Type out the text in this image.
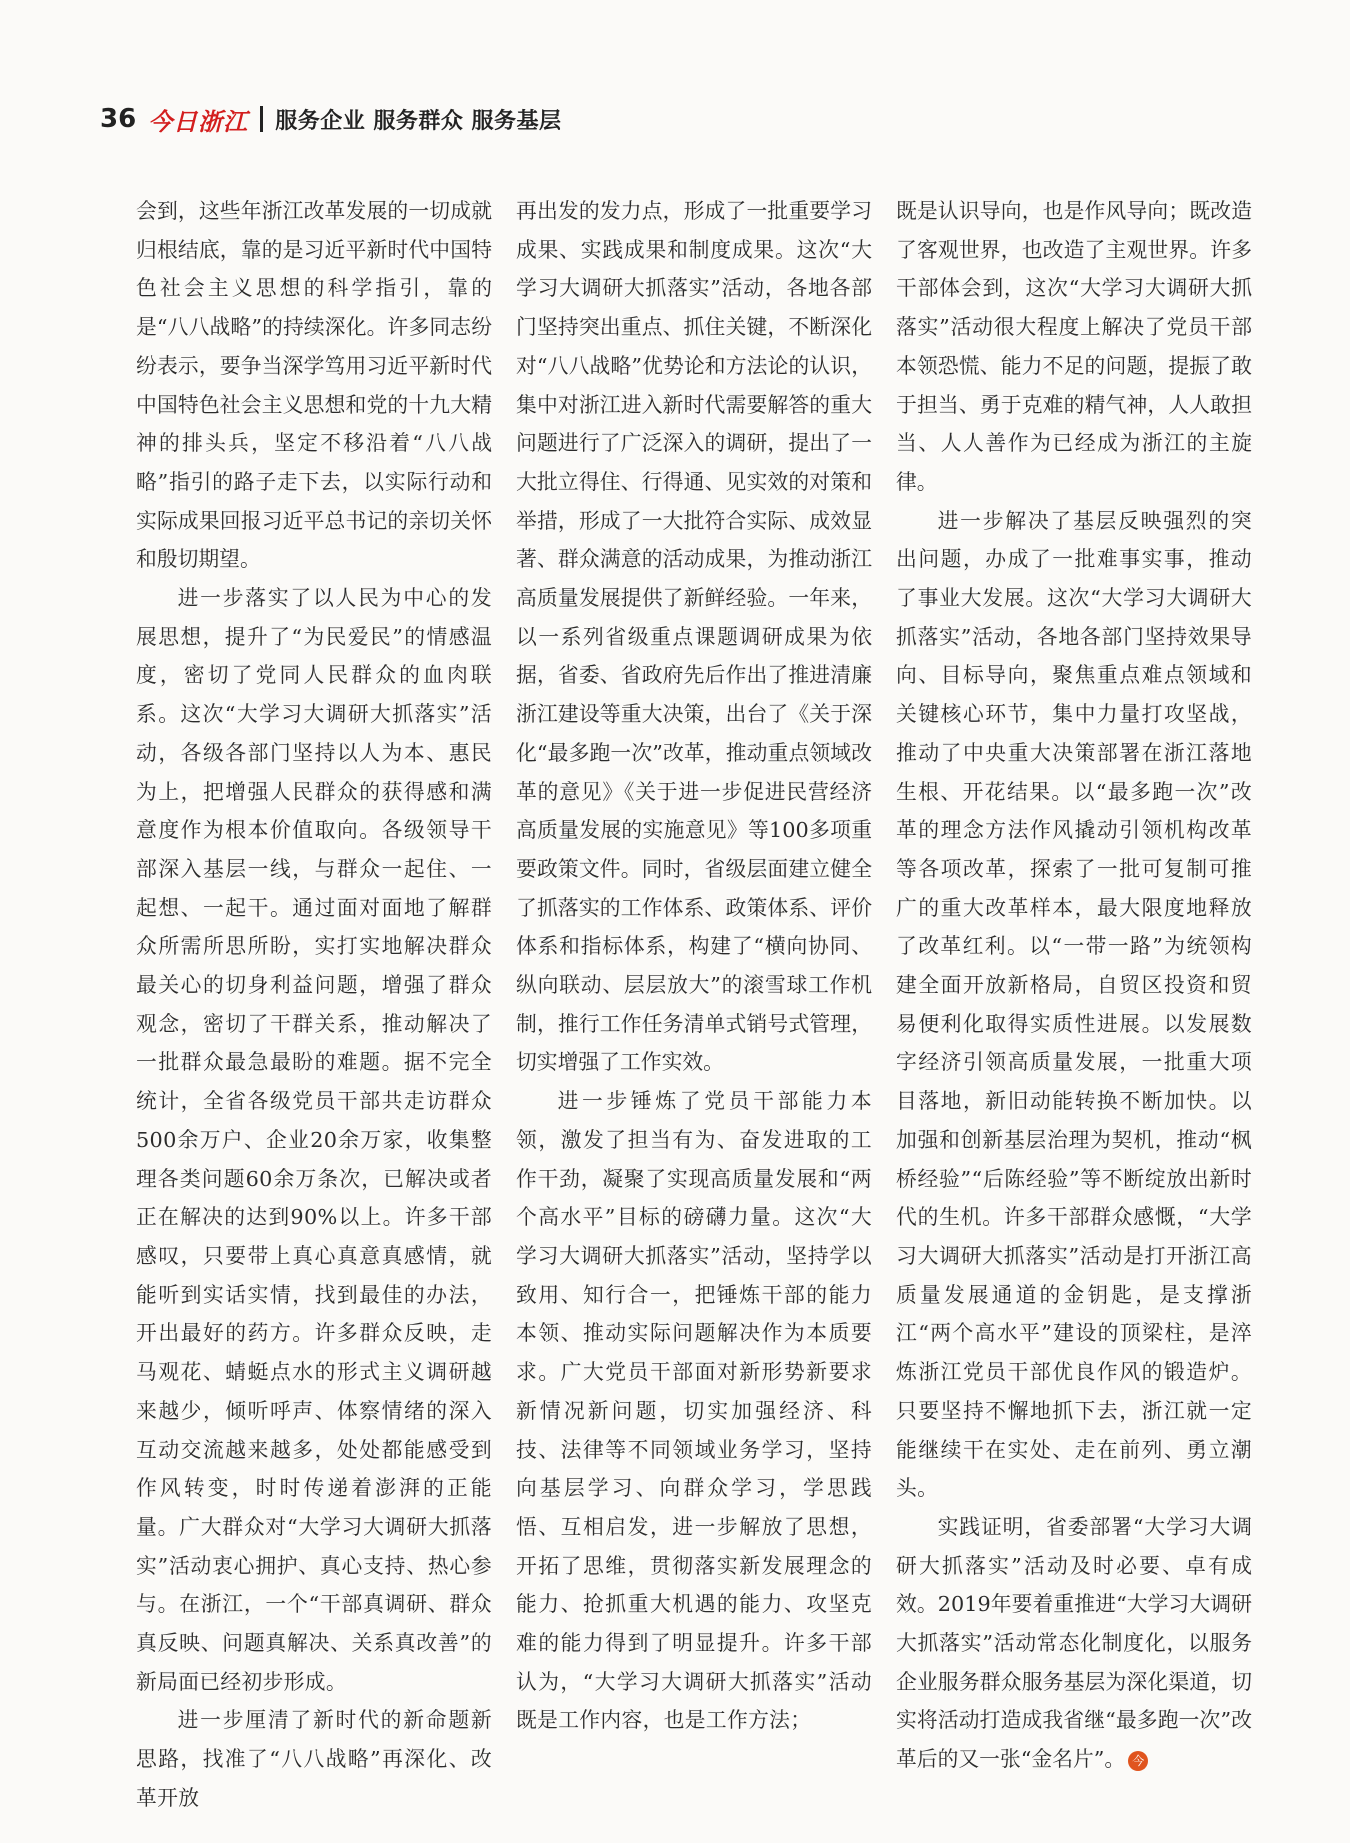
36 今日浙江 服务企业 服务群众 服务基层

会到，这些年浙江改革发展的一切成就归根结底，靠的是习近平新时代中国特色社会主义思想的科学指引，靠的是“八八战略”的持续深化。许多同志纷纷表示，要争当深学笃用习近平新时代中国特色社会主义思想和党的十九大精神的排头兵，坚定不移沿着“八八战略”指引的路子走下去，以实际行动和实际成果回报习近平总书记的亲切关怀和殷切期望。

进一步落实了以人民为中心的发展思想，提升了“为民爱民”的情感温度，密切了党同人民群众的血肉联系。这次“大学习大调研大抓落实”活动，各级各部门坚持以人为本、惠民为上，把增强人民群众的获得感和满意度作为根本价值取向。各级领导干部深入基层一线，与群众一起住、一起想、一起干。通过面对面地了解群众所需所思所盼，实打实地解决群众最关心的切身利益问题，增强了群众观念，密切了干群关系，推动解决了一批群众最急最盼的难题。据不完全统计，全省各级党员干部共走访群众500余万户、企业20余万家，收集整理各类问题60余万条次，已解决或者正在解决的达到90%以上。许多干部感叹，只要带上真心真意真感情，就能听到实话实情，找到最佳的办法，开出最好的药方。许多群众反映，走马观花、蜻蜓点水的形式主义调研越来越少，倾听呼声、体察情绪的深入互动交流越来越多，处处都能感受到作风转变，时时传递着澎湃的正能量。广大群众对“大学习大调研大抓落实”活动衷心拥护、真心支持、热心参与。在浙江，一个“干部真调研、群众真反映、问题真解决、关系真改善”的新局面已经初步形成。

进一步厘清了新时代的新命题新思路，找准了“八八战略”再深化、改革开放

再出发的发力点，形成了一批重要学习成果、实践成果和制度成果。这次“大学习大调研大抓落实”活动，各地各部门坚持突出重点、抓住关键，不断深化对“八八战略”优势论和方法论的认识，集中对浙江进入新时代需要解答的重大问题进行了广泛深入的调研，提出了一大批立得住、行得通、见实效的对策和举措，形成了一大批符合实际、成效显著、群众满意的活动成果，为推动浙江高质量发展提供了新鲜经验。一年来，以一系列省级重点课题调研成果为依据，省委、省政府先后作出了推进清廉浙江建设等重大决策，出台了《关于深化“最多跑一次”改革，推动重点领域改革的意见》《关于进一步促进民营经济高质量发展的实施意见》等100多项重要政策文件。同时，省级层面建立健全了抓落实的工作体系、政策体系、评价体系和指标体系，构建了“横向协同、纵向联动、层层放大”的滚雪球工作机制，推行工作任务清单式销号式管理，切实增强了工作实效。

进一步锤炼了党员干部能力本领，激发了担当有为、奋发进取的工作干劲，凝聚了实现高质量发展和“两个高水平”目标的磅礴力量。这次“大学习大调研大抓落实”活动，坚持学以致用、知行合一，把锤炼干部的能力本领、推动实际问题解决作为本质要求。广大党员干部面对新形势新要求新情况新问题，切实加强经济、科技、法律等不同领域业务学习，坚持向基层学习、向群众学习，学思践悟、互相启发，进一步解放了思想，开拓了思维，贯彻落实新发展理念的能力、抢抓重大机遇的能力、攻坚克难的能力得到了明显提升。许多干部认为，“大学习大调研大抓落实”活动既是工作内容，也是工作方法；

既是认识导向，也是作风导向；既改造了客观世界，也改造了主观世界。许多干部体会到，这次“大学习大调研大抓落实”活动很大程度上解决了党员干部本领恐慌、能力不足的问题，提振了敢于担当、勇于克难的精气神，人人敢担当、人人善作为已经成为浙江的主旋律。

进一步解决了基层反映强烈的突出问题，办成了一批难事实事，推动了事业大发展。这次“大学习大调研大抓落实”活动，各地各部门坚持效果导向、目标导向，聚焦重点难点领域和关键核心环节，集中力量打攻坚战，推动了中央重大决策部署在浙江落地生根、开花结果。以“最多跑一次”改革的理念方法作风撬动引领机构改革等各项改革，探索了一批可复制可推广的重大改革样本，最大限度地释放了改革红利。以“一带一路”为统领构建全面开放新格局，自贸区投资和贸易便利化取得实质性进展。以发展数字经济引领高质量发展，一批重大项目落地，新旧动能转换不断加快。以加强和创新基层治理为契机，推动“枫桥经验”“后陈经验”等不断绽放出新时代的生机。许多干部群众感慨，“大学习大调研大抓落实”活动是打开浙江高质量发展通道的金钥匙，是支撑浙江“两个高水平”建设的顶梁柱，是淬炼浙江党员干部优良作风的锻造炉。只要坚持不懈地抓下去，浙江就一定能继续干在实处、走在前列、勇立潮头。

实践证明，省委部署“大学习大调研大抓落实”活动及时必要、卓有成效。2019年要着重推进“大学习大调研大抓落实”活动常态化制度化，以服务企业服务群众服务基层为深化渠道，切实将活动打造成我省继“最多跑一次”改革后的又一张“金名片”。 今
